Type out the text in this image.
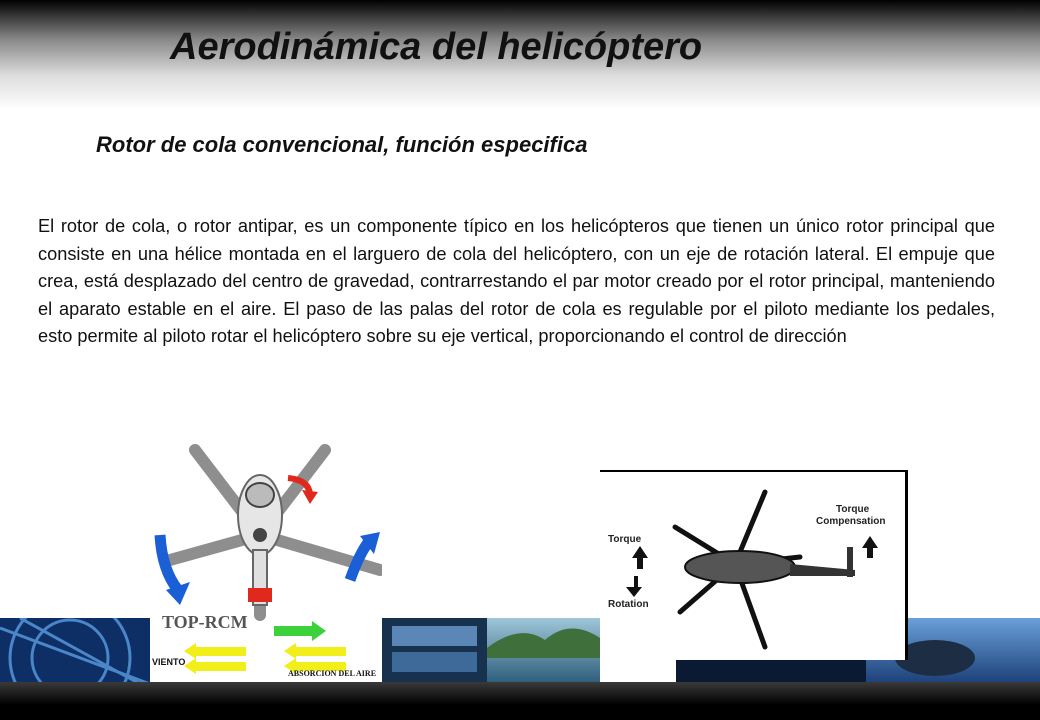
Aerodinámica del helicóptero
Rotor de cola convencional, función especifica

El rotor de cola, o rotor antipar, es un componente típico en los helicópteros que tienen un único rotor principal que consiste en una hélice montada en el larguero de cola del helicóptero, con un eje de rotación lateral. El empuje que crea, está desplazado del centro de gravedad, contrarrestando el par motor creado por el rotor principal, manteniendo el aparato estable en el aire. El paso de las palas del rotor de cola es regulable por el piloto mediante los pedales, esto permite al piloto rotar el helicóptero sobre su eje vertical, proporcionando el control de dirección

TOP-RCM
VIENTO
ABSORCION DEL AIRE
Torque
Rotation
Torque
Compensation
